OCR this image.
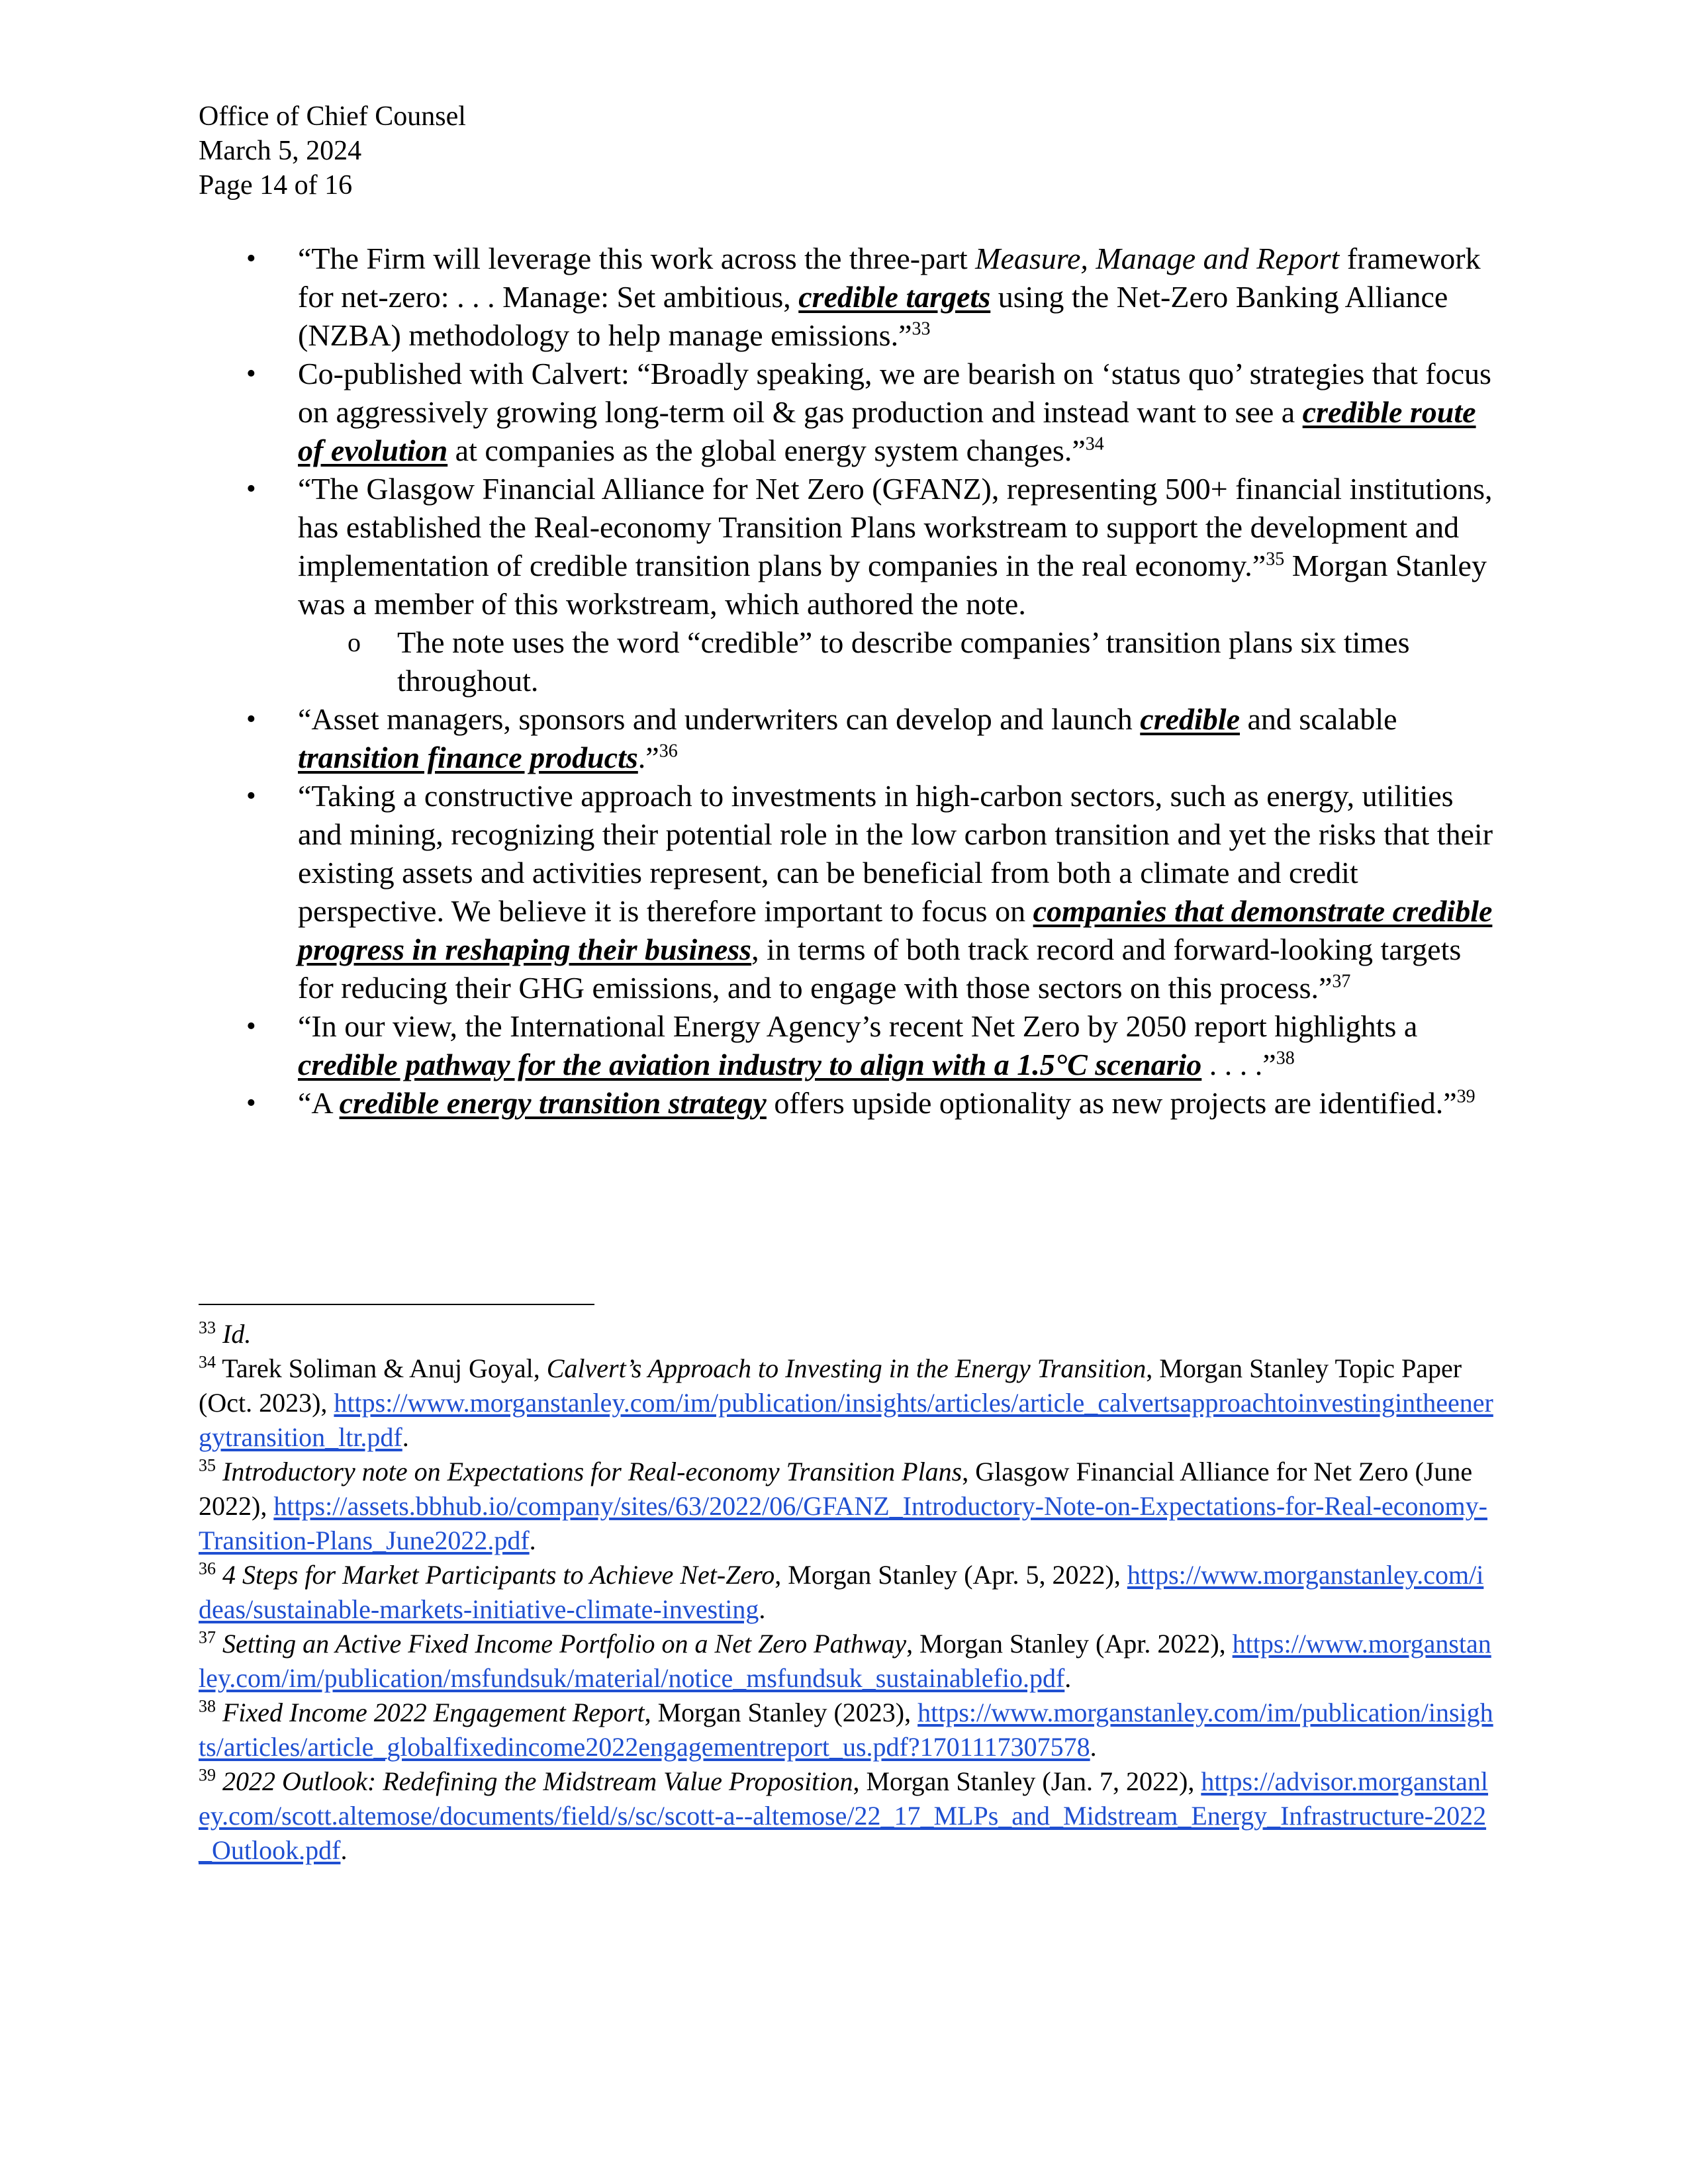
Office of Chief Counsel
March 5, 2024
Page 14 of 16
• “The Firm will leverage this work across the three-part Measure, Manage and Report framework for net-zero: . . . Manage: Set ambitious, credible targets using the Net-Zero Banking Alliance (NZBA) methodology to help manage emissions.”$^{33}$
• Co-published with Calvert: “Broadly speaking, we are bearish on ‘status quo’ strategies that focus on aggressively growing long-term oil & gas production and instead want to see a credible route of evolution at companies as the global energy system changes.”$^{34}$
• “The Glasgow Financial Alliance for Net Zero (GFANZ), representing 500+ financial institutions, has established the Real-economy Transition Plans workstream to support the development and implementation of credible transition plans by companies in the real economy.”$^{35}$ Morgan Stanley was a member of this workstream, which authored the note.
o The note uses the word “credible” to describe companies’ transition plans six times throughout.
• “Asset managers, sponsors and underwriters can develop and launch credible and scalable transition finance products.”$^{36}$
• “Taking a constructive approach to investments in high-carbon sectors, such as energy, utilities and mining, recognizing their potential role in the low carbon transition and yet the risks that their existing assets and activities represent, can be beneficial from both a climate and credit perspective. We believe it is therefore important to focus on companies that demonstrate credible progress in reshaping their business, in terms of both track record and forward-looking targets for reducing their GHG emissions, and to engage with those sectors on this process.”$^{37}$
• “In our view, the International Energy Agency’s recent Net Zero by 2050 report highlights a credible pathway for the aviation industry to align with a 1.5°C scenario . . . .”$^{38}$
• “A credible energy transition strategy offers upside optionality as new projects are identified.”$^{39}$
$^{33}$ Id.
$^{34}$ Tarek Soliman & Anuj Goyal, Calvert’s Approach to Investing in the Energy Transition, Morgan Stanley Topic Paper (Oct. 2023), https://www.morganstanley.com/im/publication/insights/articles/article_calvertsapproachtoinvestingintheenergytransition_ltr.pdf.
$^{35}$ Introductory note on Expectations for Real-economy Transition Plans, Glasgow Financial Alliance for Net Zero (June 2022), https://assets.bbhub.io/company/sites/63/2022/06/GFANZ_Introductory-Note-on-Expectations-for-Real-economy-Transition-Plans_June2022.pdf.
$^{36}$ 4 Steps for Market Participants to Achieve Net-Zero, Morgan Stanley (Apr. 5, 2022), https://www.morganstanley.com/ideas/sustainable-markets-initiative-climate-investing.
$^{37}$ Setting an Active Fixed Income Portfolio on a Net Zero Pathway, Morgan Stanley (Apr. 2022), https://www.morganstanley.com/im/publication/msfundsuk/material/notice_msfundsuk_sustainablefio.pdf.
$^{38}$ Fixed Income 2022 Engagement Report, Morgan Stanley (2023), https://www.morganstanley.com/im/publication/insights/articles/article_globalfixedincome2022engagementreport_us.pdf?1701117307578.
$^{39}$ 2022 Outlook: Redefining the Midstream Value Proposition, Morgan Stanley (Jan. 7, 2022), https://advisor.morganstanley.com/scott.altemose/documents/field/s/sc/scott-a--altemose/22_17_MLPs_and_Midstream_Energy_Infrastructure-2022_Outlook.pdf.
